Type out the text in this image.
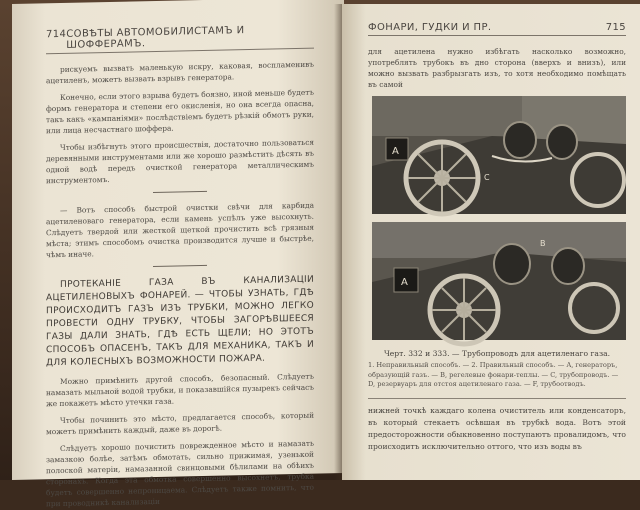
714 СОВѢТЫ АВТОМОБИЛИСТАМЪ И ШОФФЕРАМЪ.

рискуемъ вызвать маленькую искру, каковая, воспламенивъ ацетиленъ, можетъ вызвать взрывъ генератора.

Конечно, если этого взрыва будетъ боязно, иной меньше будетъ формъ генератора и степени его окисленія, но она всегда опасна, такъ какъ «кампаніями» послѣдствіемъ будетъ рѣзкій обмотъ руки, или лица несчастнаго шоффера.

Чтобы избѣгнуть этого происшествія, достаточно пользоваться деревянными инструментами или же хорошо размѣстить дѣсять въ одной водѣ передъ очисткой генератора металлическимъ инструментомъ.

— Вотъ способъ быстрой очистки свѣчи для карбида ацетиленоваго генератора, если камень успѣлъ уже высохнуть. Слѣдуетъ твердой или жесткой щеткой прочистить всѣ грязныя мѣста; этимъ способомъ очистка производится лучше и быстрѣе, чѣмъ иначе.

ПРОТЕКАНІЕ ГАЗА ВЪ КАНАЛИЗАЦІИ АЦЕТИЛЕНОВЫХЪ ФОНАРЕЙ. — ЧТОБЫ УЗНАТЬ, ГДѢ ПРОИСХОДИТЪ ГАЗЪ ИЗЪ ТРУБКИ, МОЖНО ЛЕГКО ПРОВЕСТИ ОДНУ ТРУБКУ, ЧТОБЫ ЗАГОРѢВШЕЕСЯ ГАЗЫ ДАЛИ ЗНАТЬ, ГДѢ ЕСТЬ ЩЕЛИ; НО ЭТОТЪ СПОСОБЪ ОПАСЕНЪ, ТАКЪ ДЛЯ МЕХАНИКА, ТАКЪ И ДЛЯ КОЛЕСНЫХЪ ВОЗМОЖНОСТИ ПОЖАРА.

Можно примѣнить другой способъ, безопасный. Слѣдуетъ намазать мыльной водой трубки, и показавшійся пузырекъ сейчасъ же покажетъ мѣсто утечки газа.

Чтобы починить это мѣсто, предлагается способъ, который можетъ примѣнить каждый, даже въ дорогѣ.

Слѣдуетъ хорошо почистить поврежденное мѣсто и намазать замазкою болѣе, затѣмъ обмотать, сильно прижимая, узенькой полоской матеріи, намазанной свинцовыми бѣлилами на обѣихъ сторонахъ. Когда эта обмотка совершенно высохнетъ, трубка будетъ совершенно непроницаема. Слѣдуетъ также помнить, что при проводникѣ канализаціи

ФОНАРИ, ГУДКИ И ПР.	715

для ацетилена нужно избѣгать насколько возможно, употреблять трубокъ въ дно сторона (вверхъ и внизъ), или можно вызвать разбрызгать изъ, то хотя необходимо помѣщать въ самой

A
C
A
B
Черт. 332 и 333. — Трубопроводъ для ацетиленаго газа.
1. Неправильный способъ. — 2. Правильный способъ. — A, генераторъ, образующій газъ. — B, регелевые фонари-теплы. — C, трубопроводъ. — D, резервуаръ для отстоя ацетиленаго газа. — F, трубоотводъ.

нижней точкѣ каждаго колена очиститель или конденсаторъ, въ который стекаетъ осѣвшая въ трубкѣ вода. Вотъ этой предосторожности обыкновенно поступаютъ провалидомъ, что происходитъ исключительно оттого, что изъ воды въ
